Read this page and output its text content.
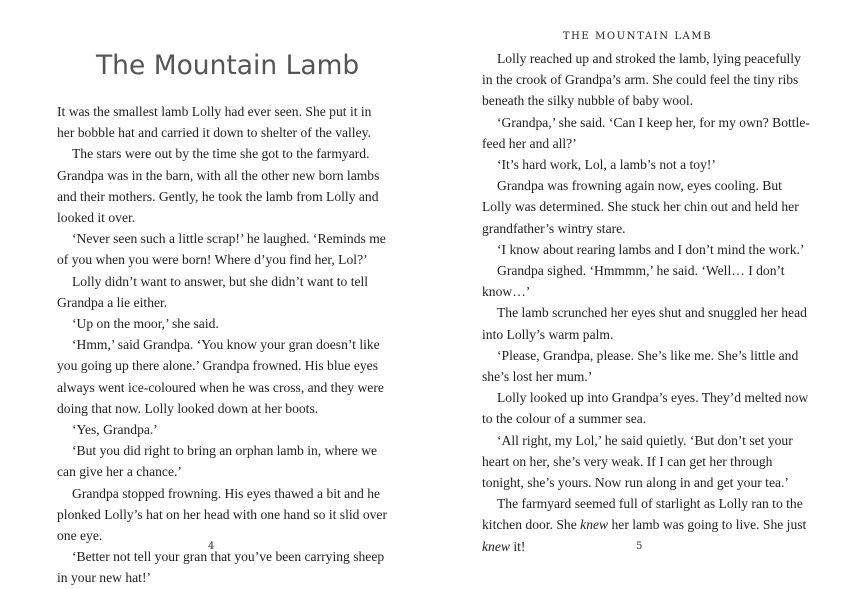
The Mountain Lamb

It was the smallest lamb Lolly had ever seen. She put it in

her bobble hat and carried it down to shelter of the valley.

The stars were out by the time she got to the farmyard.

Grandpa was in the barn, with all the other new born lambs

and their mothers. Gently, he took the lamb from Lolly and

looked it over.

‘Never seen such a little scrap!’ he laughed. ‘Reminds me

of you when you were born! Where d’you find her, Lol?’

Lolly didn’t want to answer, but she didn’t want to tell

Grandpa a lie either.

‘Up on the moor,’ she said.

‘Hmm,’ said Grandpa. ‘You know your gran doesn’t like

you going up there alone.’ Grandpa frowned. His blue eyes

always went ice-coloured when he was cross, and they were

doing that now. Lolly looked down at her boots.

‘Yes, Grandpa.’

‘But you did right to bring an orphan lamb in, where we

can give her a chance.’

Grandpa stopped frowning. His eyes thawed a bit and he

plonked Lolly’s hat on her head with one hand so it slid over

one eye.

‘Better not tell your gran that you’ve been carrying sheep

in your new hat!’

4
THE MOUNTAIN LAMB
5

Lolly reached up and stroked the lamb, lying peacefully

in the crook of Grandpa’s arm. She could feel the tiny ribs

beneath the silky nubble of baby wool.

‘Grandpa,’ she said. ‘Can I keep her, for my own? Bottle-

feed her and all?’

‘It’s hard work, Lol, a lamb’s not a toy!’

Grandpa was frowning again now, eyes cooling. But

Lolly was determined. She stuck her chin out and held her

grandfather’s wintry stare.

‘I know about rearing lambs and I don’t mind the work.’

Grandpa sighed. ‘Hmmmm,’ he said. ‘Well… I don’t

know…’

The lamb scrunched her eyes shut and snuggled her head

into Lolly’s warm palm.

‘Please, Grandpa, please. She’s like me. She’s little and

she’s lost her mum.’

Lolly looked up into Grandpa’s eyes. They’d melted now

to the colour of a summer sea.

‘All right, my Lol,’ he said quietly. ‘But don’t set your

heart on her, she’s very weak. If I can get her through

tonight, she’s yours. Now run along in and get your tea.’

The farmyard seemed full of starlight as Lolly ran to the

kitchen door. She knew her lamb was going to live. She just

knew it!
